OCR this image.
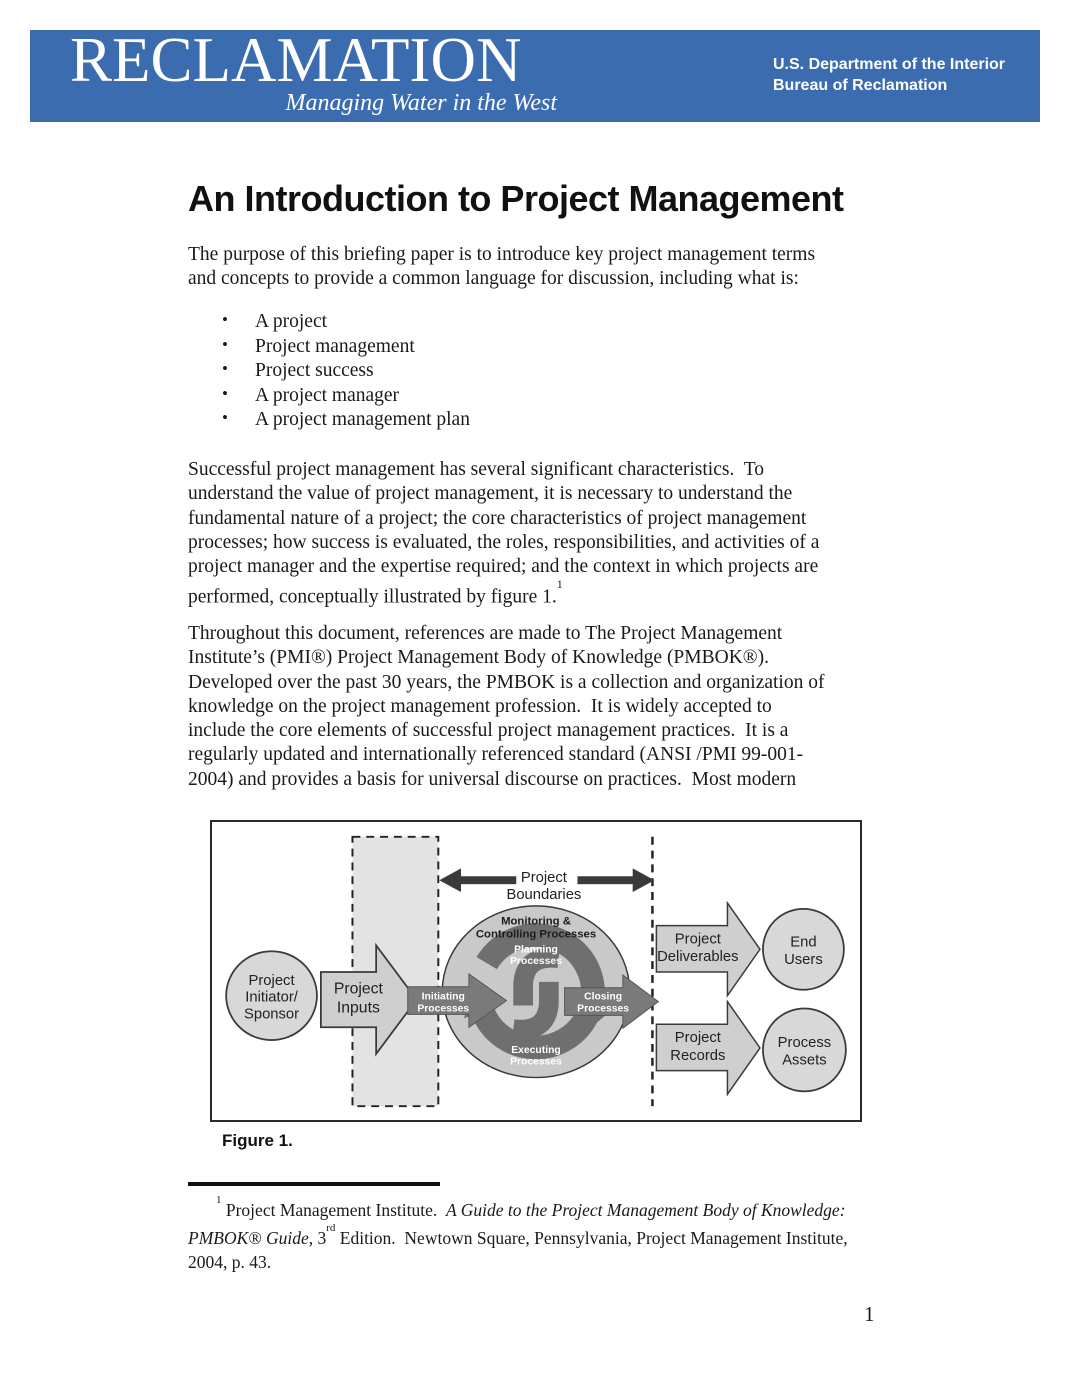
RECLAMATION
Managing Water in the West
U.S. Department of the Interior
Bureau of Reclamation
An Introduction to Project Management
The purpose of this briefing paper is to introduce key project management terms
and concepts to provide a common language for discussion, including what is:
• A project
• Project management
• Project success
• A project manager
• A project management plan
Successful project management has several significant characteristics.  To
understand the value of project management, it is necessary to understand the
fundamental nature of a project; the core characteristics of project management
processes; how success is evaluated, the roles, responsibilities, and activities of a
project manager and the expertise required; and the context in which projects are
performed, conceptually illustrated by figure 1.$^1$
Throughout this document, references are made to The Project Management
Institute’s (PMI®) Project Management Body of Knowledge (PMBOK®).
Developed over the past 30 years, the PMBOK is a collection and organization of
knowledge on the project management profession.  It is widely accepted to
include the core elements of successful project management practices.  It is a
regularly updated and internationally referenced standard (ANSI /PMI 99-001-
2004) and provides a basis for universal discourse on practices.  Most modern
Project
Boundaries
Project
Initiator/
Sponsor
Project
Inputs
Monitoring &
Controlling Processes
Planning
Processes
Executing
Processes
Initiating
Processes
Closing
Processes
Project
Deliverables
End
Users
Project
Records
Process
Assets
Figure 1.
$^1$ Project Management Institute.  A Guide to the Project Management Body of Knowledge:
PMBOK® Guide, 3rd Edition.  Newtown Square, Pennsylvania, Project Management Institute,
2004, p. 43.
1
